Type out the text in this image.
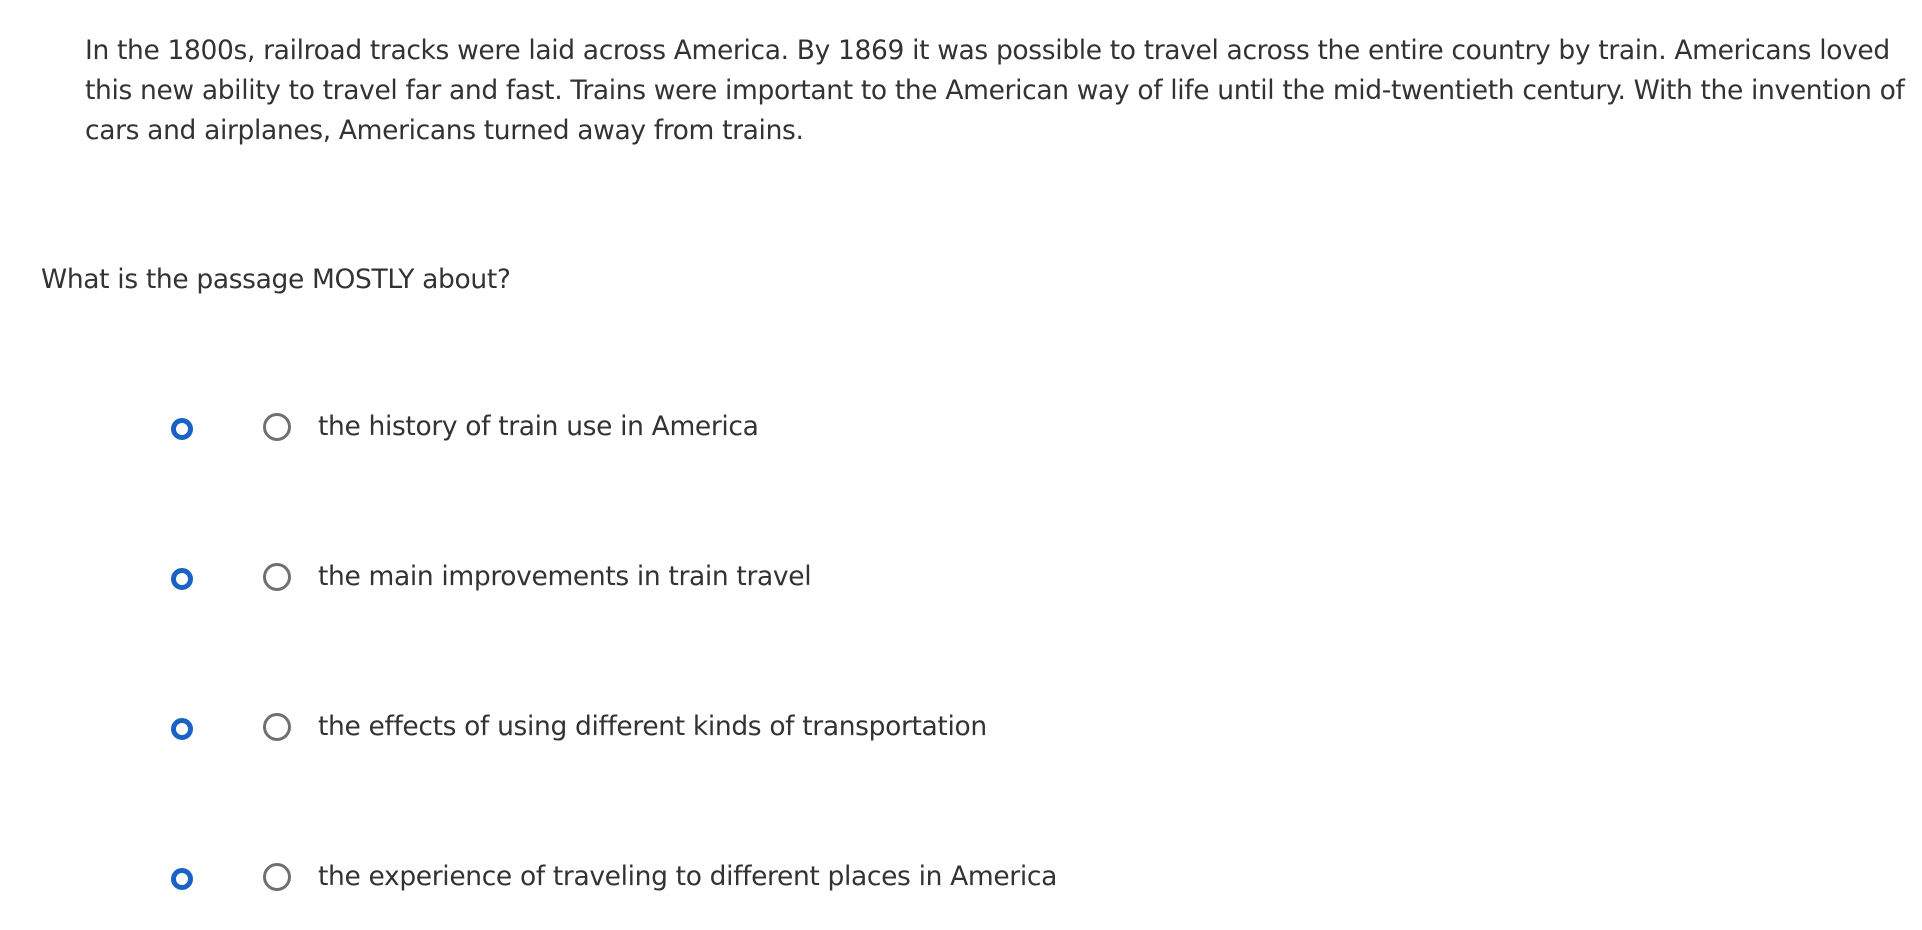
In the 1800s, railroad tracks were laid across America. By 1869 it was possible to travel across the entire country by train. Americans loved this new ability to travel far and fast. Trains were important to the American way of life until the mid-twentieth century. With the invention of cars and airplanes, Americans turned away from trains.

What is the passage MOSTLY about?

the history of train use in America
the main improvements in train travel
the effects of using different kinds of transportation
the experience of traveling to different places in America
